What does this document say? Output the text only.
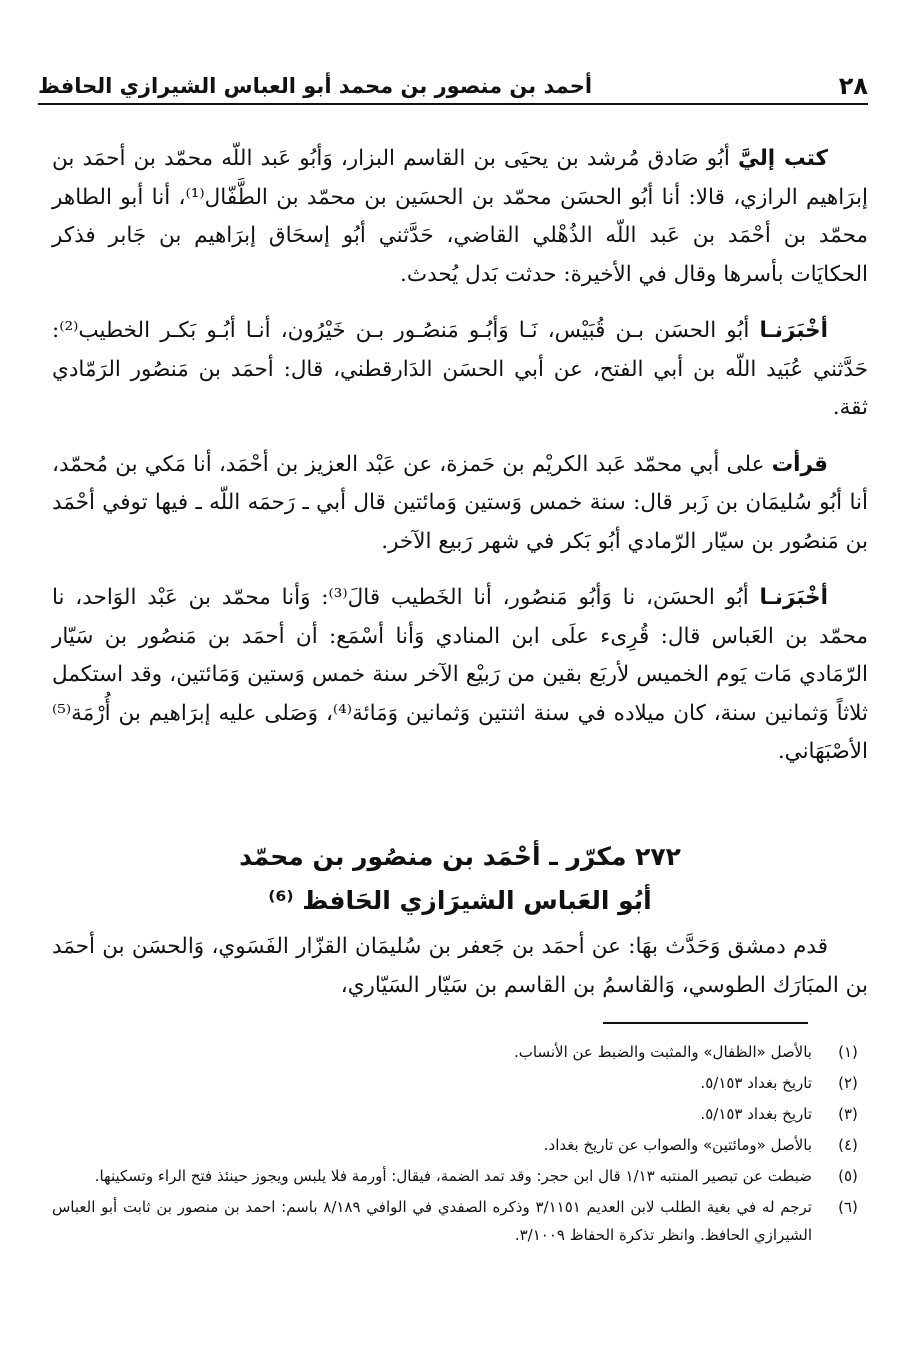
٢٨
أحمد بن منصور بن محمد أبو العباس الشيرازي الحافظ

كتب إليَّ أبُو صَادق مُرشد بن يحيَى بن القاسم البزار، وَأبُو عَبد اللّه محمّد بن أحمَد بن إبرَاهيم الرازي، قالا: أنا أبُو الحسَن محمّد بن الحسَين بن محمّد بن الطَّفّال⁽¹⁾، أنا أبو الطاهر محمّد بن أحْمَد بن عَبد اللّه الذُهْلي القاضي، حَدَّثني أبُو إسحَاق إبرَاهيم بن جَابر فذكر الحكايَات بأسرها وقال في الأخيرة: حدثت بَدل يُحدث.

أخْبَرَنـا أبُو الحسَن بـن قُبَيْس، نَـا وَأبُـو مَنصُـور بـن خَيْرُون، أنـا أبُـو بَكـر الخطيب⁽²⁾: حَدَّثني عُبَيد اللّه بن أبي الفتح، عن أبي الحسَن الدَارقطني، قال: أحمَد بن مَنصُور الرَمّادي ثقة.

قرأت على أبي محمّد عَبد الكريْم بن حَمزة، عن عَبْد العزيز بن أحْمَد، أنا مَكي بن مُحمّد، أنا أبُو سُليمَان بن زَبر قال: سنة خمس وَستين وَمائتين قال أبي ـ رَحمَه اللّه ـ فيها توفي أحْمَد بن مَنصُور بن سيّار الرّمادي أبُو بَكر في شهر رَبيع الآخر.

أخْبَرَنـا أبُو الحسَن، نا وَأبُو مَنصُور، أنا الخَطيب قالَ⁽³⁾: وَأنا محمّد بن عَبْد الوَاحد، نا محمّد بن العَباس قال: قُرِىء علَى ابن المنادي وَأنا أسْمَع: أن أحمَد بن مَنصُور بن سَيّار الرّمَادي مَات يَوم الخميس لأربَع بقين من رَبيْع الآخر سنة خمس وَستين وَمَائتين، وقد استكمل ثلاثاً وَثمانين سنة، كان ميلاده في سنة اثنتين وَثمانين وَمَائة⁽⁴⁾، وَصَلى عليه إبرَاهيم بن أُرْمَة⁽⁵⁾ الأصْبَهَاني.

٢٧٢ مكرّر ـ أحْمَد بن منصُور بن محمّد
أبُو العَباس الشيرَازي الحَافظ ⁽⁶⁾

قدم دمشق وَحَدَّث بهَا: عن أحمَد بن جَعفر بن سُليمَان القزّار الفَسَوي، وَالحسَن بن أحمَد بن المبَارَك الطوسي، وَالقاسمُ بن القاسم بن سَيّار السَيّاري،

(١)
بالأصل «الظفال» والمثبت والضبط عن الأنساب.
(٢)
تاريخ بغداد ٥/١٥٣.
(٣)
تاريخ بغداد ٥/١٥٣.
(٤)
بالأصل «ومائتين» والصواب عن تاريخ بغداد.
(٥)
ضبطت عن تبصير المنتبه ١/١٣ قال ابن حجر: وقد تمد الضمة، فيقال: أورمة فلا يلبس ويجوز حينئذ فتح الراء وتسكينها.
(٦)
ترجم له في بغية الطلب لابن العديم ٣/١١٥١ وذكره الصفدي في الوافي ٨/١٨٩ باسم: احمد بن منصور بن ثابت أبو العباس الشيرازي الحافظ. وانظر تذكرة الحفاظ ٣/١٠٠٩.
